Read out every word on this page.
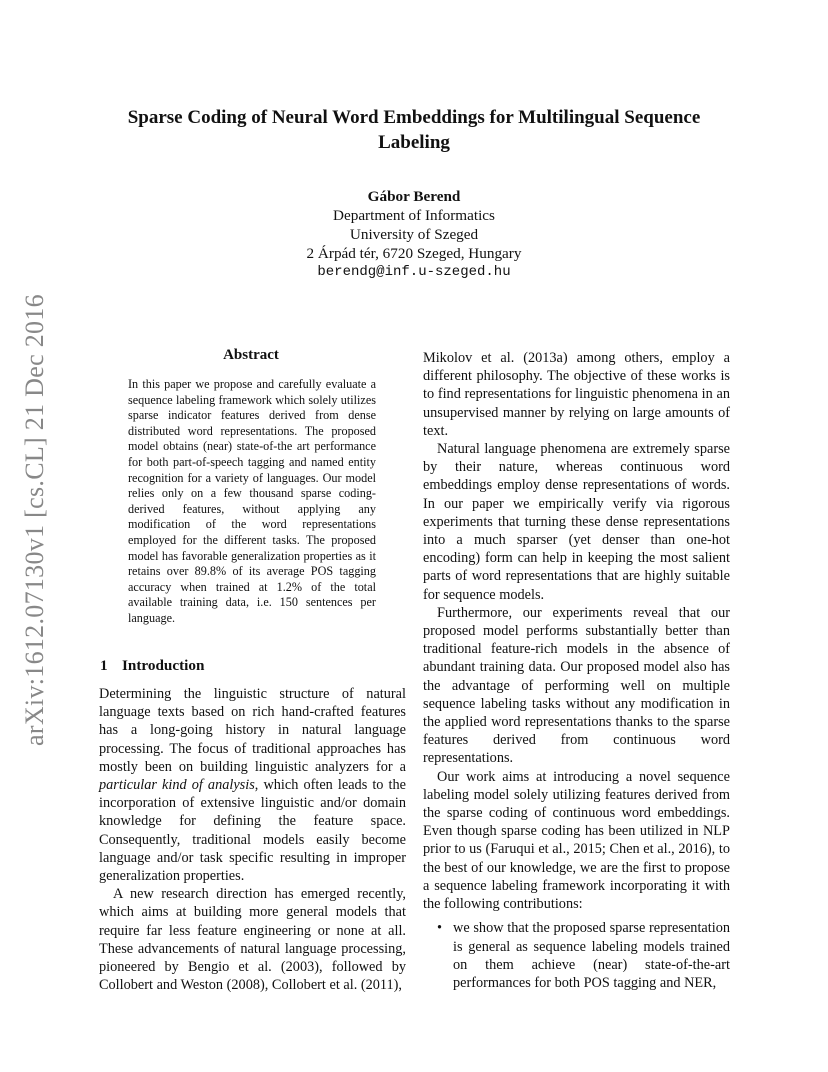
arXiv:1612.07130v1 [cs.CL] 21 Dec 2016
Sparse Coding of Neural Word Embeddings for Multilingual Sequence Labeling
Gábor Berend
Department of Informatics
University of Szeged
2 Árpád tér, 6720 Szeged, Hungary
berendg@inf.u-szeged.hu
Abstract

In this paper we propose and carefully evaluate a sequence labeling framework which solely utilizes sparse indicator features derived from dense distributed word representations. The proposed model obtains (near) state-of-the art performance for both part-of-speech tagging and named entity recognition for a variety of languages. Our model relies only on a few thousand sparse coding-derived features, without applying any modification of the word representations employed for the different tasks. The proposed model has favorable generalization properties as it retains over 89.8% of its average POS tagging accuracy when trained at 1.2% of the total available training data, i.e. 150 sentences per language.

1 Introduction

Determining the linguistic structure of natural language texts based on rich hand-crafted features has a long-going history in natural language processing. The focus of traditional approaches has mostly been on building linguistic analyzers for a particular kind of analysis, which often leads to the incorporation of extensive linguistic and/or domain knowledge for defining the feature space. Consequently, traditional models easily become language and/or task specific resulting in improper generalization properties.

A new research direction has emerged recently, which aims at building more general models that require far less feature engineering or none at all. These advancements of natural language processing, pioneered by Bengio et al. (2003), followed by Collobert and Weston (2008), Collobert et al. (2011),

Mikolov et al. (2013a) among others, employ a different philosophy. The objective of these works is to find representations for linguistic phenomena in an unsupervised manner by relying on large amounts of text.

Natural language phenomena are extremely sparse by their nature, whereas continuous word embeddings employ dense representations of words. In our paper we empirically verify via rigorous experiments that turning these dense representations into a much sparser (yet denser than one-hot encoding) form can help in keeping the most salient parts of word representations that are highly suitable for sequence models.

Furthermore, our experiments reveal that our proposed model performs substantially better than traditional feature-rich models in the absence of abundant training data. Our proposed model also has the advantage of performing well on multiple sequence labeling tasks without any modification in the applied word representations thanks to the sparse features derived from continuous word representations.

Our work aims at introducing a novel sequence labeling model solely utilizing features derived from the sparse coding of continuous word embeddings. Even though sparse coding has been utilized in NLP prior to us (Faruqui et al., 2015; Chen et al., 2016), to the best of our knowledge, we are the first to propose a sequence labeling framework incorporating it with the following contributions:

• we show that the proposed sparse representation is general as sequence labeling models trained on them achieve (near) state-of-the-art performances for both POS tagging and NER,
